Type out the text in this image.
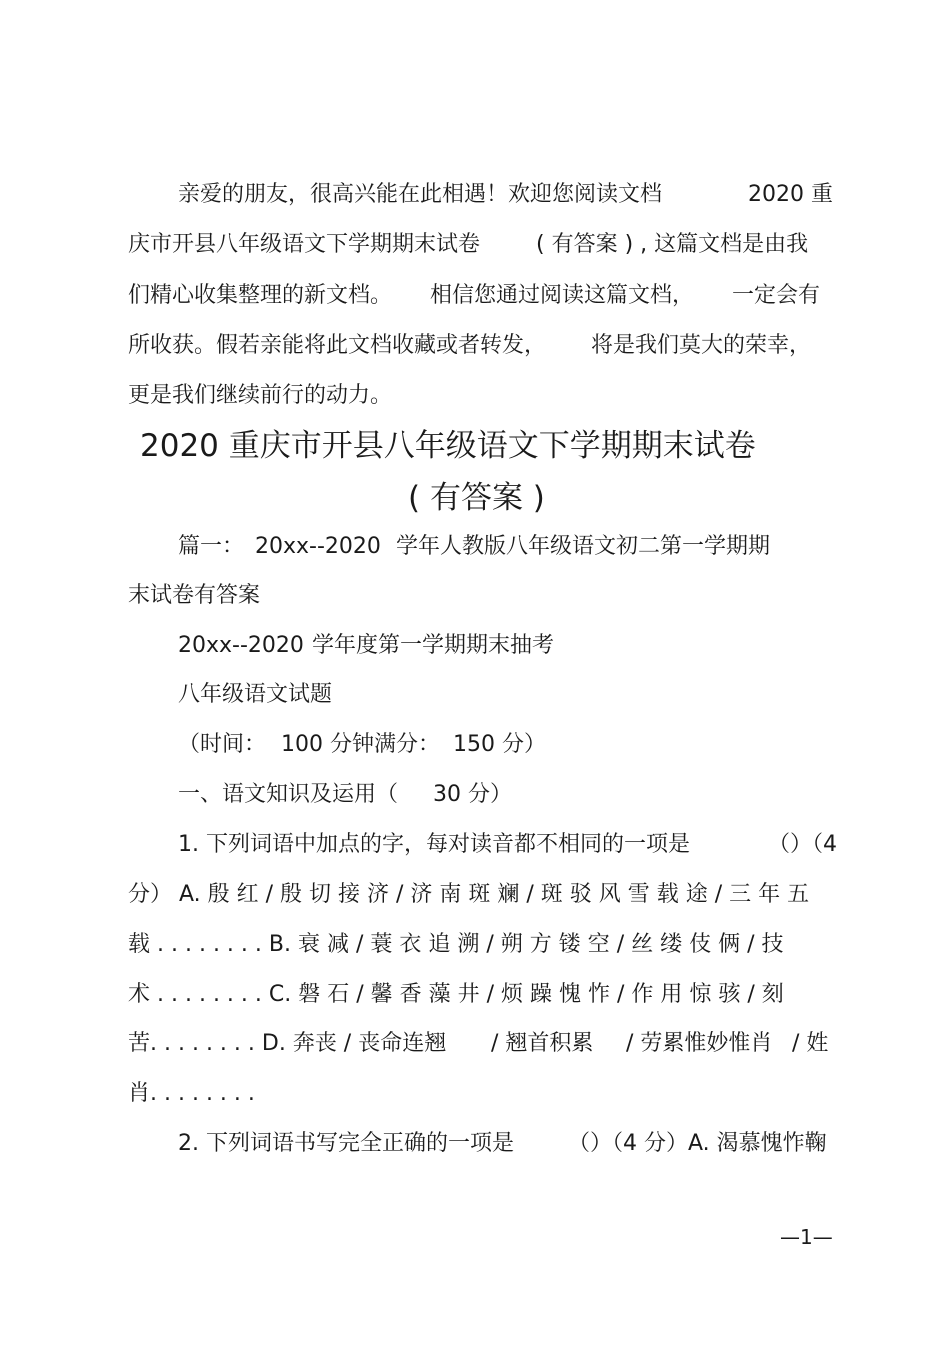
亲爱的朋友，很高兴能在此相遇！欢迎您阅读文档	2020 重
庆市开县八年级语文下学期期末试卷	( 有答案 ) , 这篇文档是由我
们精心收集整理的新文档。 相信您通过阅读这篇文档， 一定会有
所收获。假若亲能将此文档收藏或者转发， 将是我们莫大的荣幸，
更是我们继续前行的动力。
2020 重庆市开县八年级语文下学期期末试卷
( 有答案 )
篇一： 20xx--2020 学年人教版八年级语文初二第一学期期
末试卷有答案
20xx--2020 学年度第一学期期末抽考
八年级语文试题
（时间： 100 分钟满分： 150 分）
一、语文知识及运用（ 30 分）
1. 下列词语中加点的字，每对读音都不相同的一项是	（）（4
分） A. 殷 红 / 殷 切 接 济 / 济 南 斑 斓 / 斑 驳 风 雪 载 途 / 三 年 五
载 . . . . . . . . B. 衰 减 / 蓑 衣 追 溯 / 朔 方 镂 空 / 丝 缕 伎 俩 / 技
术 . . . . . . . . C. 磐 石 / 馨 香 藻 井 / 烦 躁 愧 怍 / 作 用 惊 骇 / 刻
苦. . . . . . . . D. 奔丧 / 丧命连翘 / 翘首积累 / 劳累惟妙惟肖 / 姓
肖. . . . . . . .
2. 下列词语书写完全正确的一项是 （）（4 分）A. 渴慕愧怍鞠
—1—
